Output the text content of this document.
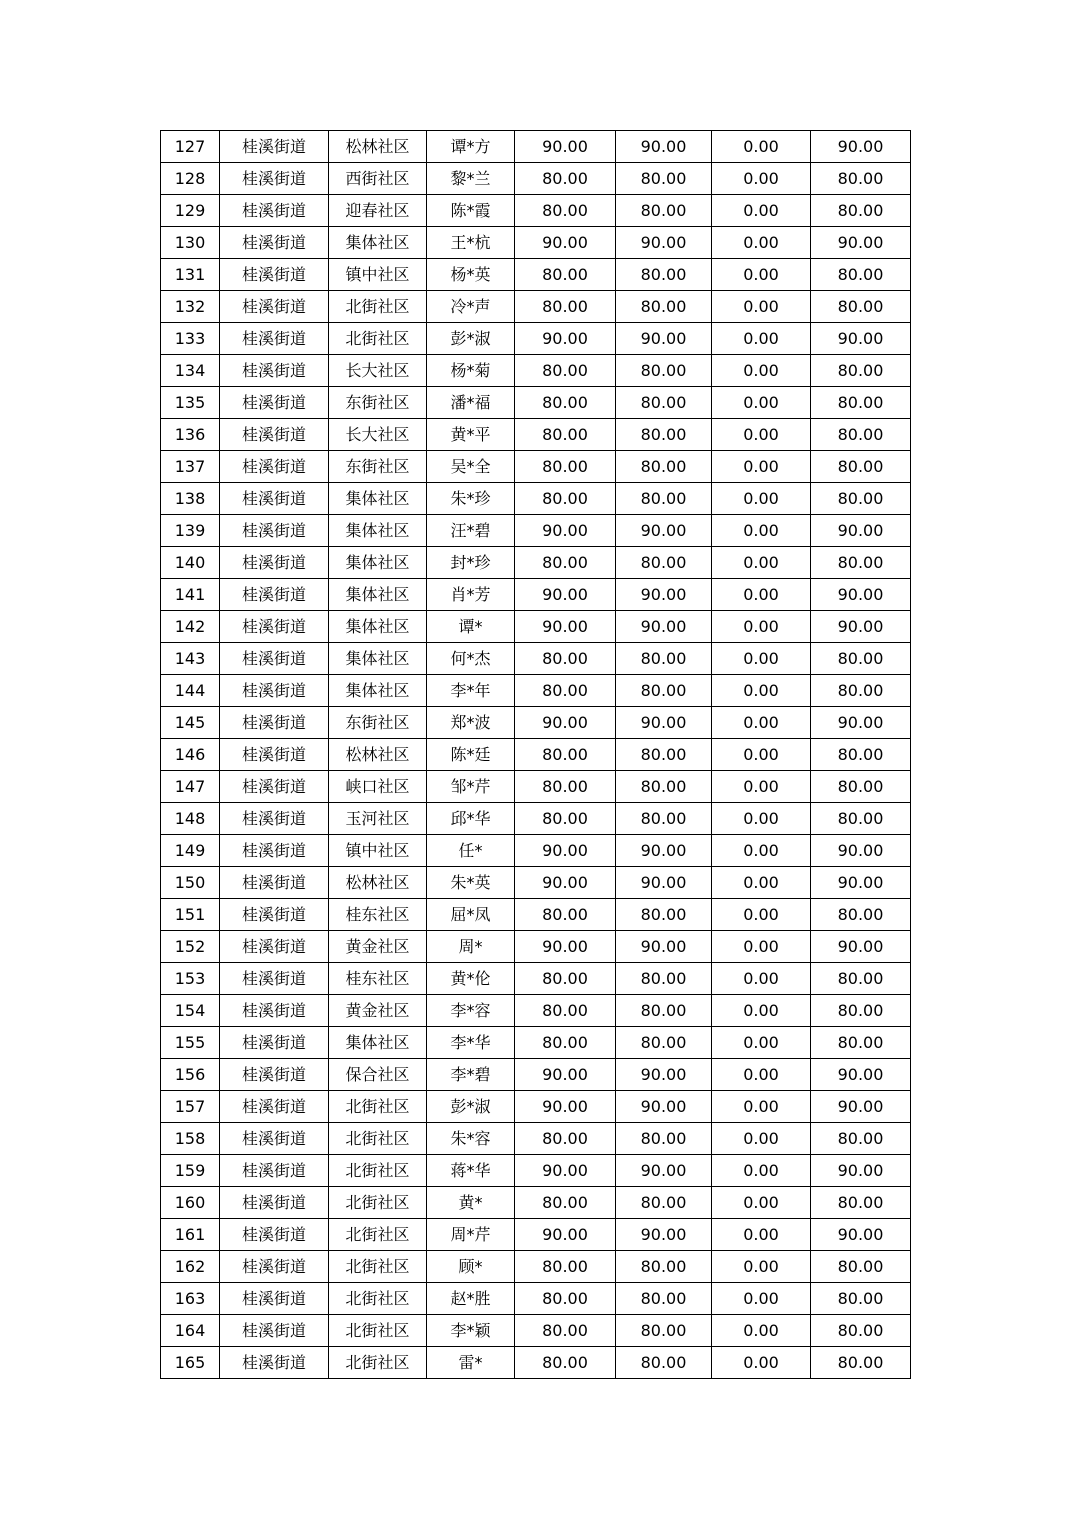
127	桂溪街道	松林社区	谭*方	90.00	90.00	0.00	90.00
128	桂溪街道	西街社区	黎*兰	80.00	80.00	0.00	80.00
129	桂溪街道	迎春社区	陈*霞	80.00	80.00	0.00	80.00
130	桂溪街道	集体社区	王*杭	90.00	90.00	0.00	90.00
131	桂溪街道	镇中社区	杨*英	80.00	80.00	0.00	80.00
132	桂溪街道	北街社区	冷*声	80.00	80.00	0.00	80.00
133	桂溪街道	北街社区	彭*淑	90.00	90.00	0.00	90.00
134	桂溪街道	长大社区	杨*菊	80.00	80.00	0.00	80.00
135	桂溪街道	东街社区	潘*福	80.00	80.00	0.00	80.00
136	桂溪街道	长大社区	黄*平	80.00	80.00	0.00	80.00
137	桂溪街道	东街社区	吴*全	80.00	80.00	0.00	80.00
138	桂溪街道	集体社区	朱*珍	80.00	80.00	0.00	80.00
139	桂溪街道	集体社区	汪*碧	90.00	90.00	0.00	90.00
140	桂溪街道	集体社区	封*珍	80.00	80.00	0.00	80.00
141	桂溪街道	集体社区	肖*芳	90.00	90.00	0.00	90.00
142	桂溪街道	集体社区	谭*	90.00	90.00	0.00	90.00
143	桂溪街道	集体社区	何*杰	80.00	80.00	0.00	80.00
144	桂溪街道	集体社区	李*年	80.00	80.00	0.00	80.00
145	桂溪街道	东街社区	郑*波	90.00	90.00	0.00	90.00
146	桂溪街道	松林社区	陈*廷	80.00	80.00	0.00	80.00
147	桂溪街道	峡口社区	邹*芹	80.00	80.00	0.00	80.00
148	桂溪街道	玉河社区	邱*华	80.00	80.00	0.00	80.00
149	桂溪街道	镇中社区	任*	90.00	90.00	0.00	90.00
150	桂溪街道	松林社区	朱*英	90.00	90.00	0.00	90.00
151	桂溪街道	桂东社区	屈*凤	80.00	80.00	0.00	80.00
152	桂溪街道	黄金社区	周*	90.00	90.00	0.00	90.00
153	桂溪街道	桂东社区	黄*伦	80.00	80.00	0.00	80.00
154	桂溪街道	黄金社区	李*容	80.00	80.00	0.00	80.00
155	桂溪街道	集体社区	李*华	80.00	80.00	0.00	80.00
156	桂溪街道	保合社区	李*碧	90.00	90.00	0.00	90.00
157	桂溪街道	北街社区	彭*淑	90.00	90.00	0.00	90.00
158	桂溪街道	北街社区	朱*容	80.00	80.00	0.00	80.00
159	桂溪街道	北街社区	蒋*华	90.00	90.00	0.00	90.00
160	桂溪街道	北街社区	黄*	80.00	80.00	0.00	80.00
161	桂溪街道	北街社区	周*芹	90.00	90.00	0.00	90.00
162	桂溪街道	北街社区	顾*	80.00	80.00	0.00	80.00
163	桂溪街道	北街社区	赵*胜	80.00	80.00	0.00	80.00
164	桂溪街道	北街社区	李*颖	80.00	80.00	0.00	80.00
165	桂溪街道	北街社区	雷*	80.00	80.00	0.00	80.00
